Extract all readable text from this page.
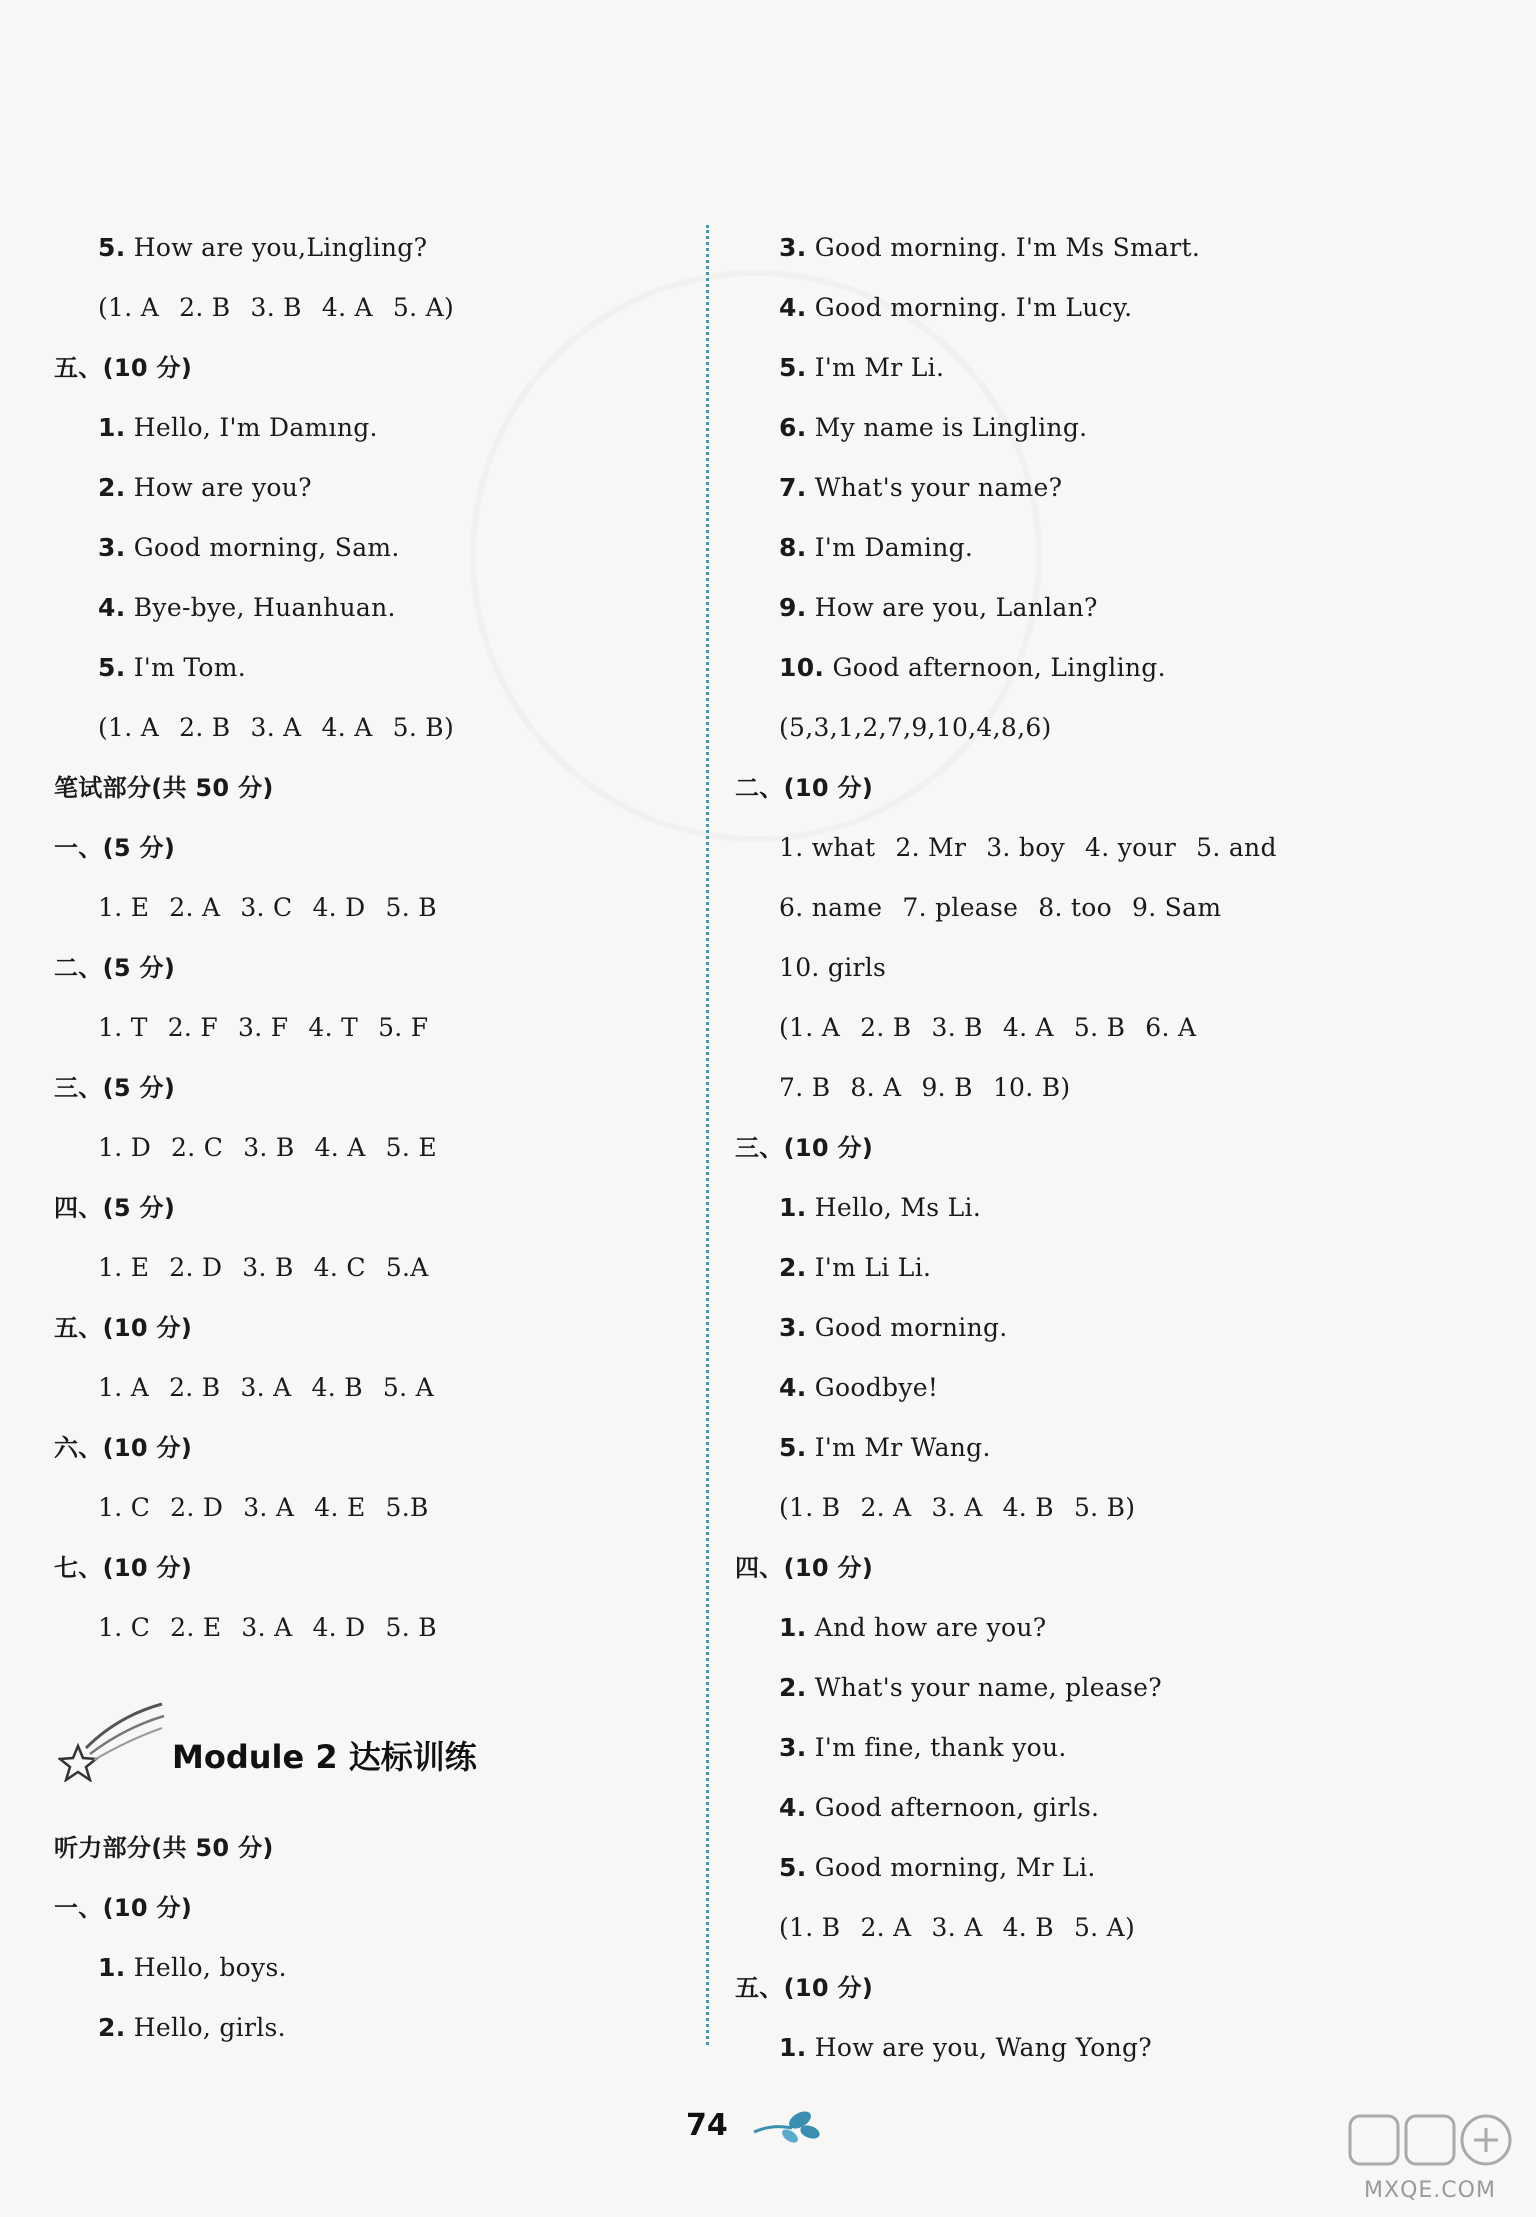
5. How are you,Lingling?
(1. A 2. B 3. B 4. A 5. A)
五、(10 分)
1. Hello, I'm Damıng.
2. How are you?
3. Good morning, Sam.
4. Bye-bye, Huanhuan.
5. I'm Tom.
(1. A 2. B 3. A 4. A 5. B)
笔试部分(共 50 分)
一、(5 分)
1. E 2. A 3. C 4. D 5. B
二、(5 分)
1. T 2. F 3. F 4. T 5. F
三、(5 分)
1. D 2. C 3. B 4. A 5. E
四、(5 分)
1. E 2. D 3. B 4. C 5.A
五、(10 分)
1. A 2. B 3. A 4. B 5. A
六、(10 分)
1. C 2. D 3. A 4. E 5.B
七、(10 分)
1. C 2. E 3. A 4. D 5. B
3. Good morning. I'm Ms Smart.
4. Good morning. I'm Lucy.
5. I'm Mr Li.
6. My name is Lingling.
7. What's your name?
8. I'm Daming.
9. How are you, Lanlan?
10. Good afternoon, Lingling.
(5,3,1,2,7,9,10,4,8,6)
二、(10 分)
1. what 2. Mr 3. boy 4. your 5. and
6. name 7. please 8. too 9. Sam
10. girls
(1. A 2. B 3. B 4. A 5. B 6. A
7. B 8. A 9. B 10. B)
三、(10 分)
1. Hello, Ms Li.
2. I'm Li Li.
3. Good morning.
4. Goodbye!
5. I'm Mr Wang.
(1. B 2. A 3. A 4. B 5. B)
四、(10 分)
1. And how are you?
2. What's your name, please?
3. I'm fine, thank you.
4. Good afternoon, girls.
5. Good morning, Mr Li.
(1. B 2. A 3. A 4. B 5. A)
五、(10 分)
1. How are you, Wang Yong?
Module 2 达标训练
听力部分(共 50 分)
一、(10 分)
1. Hello, boys.
2. Hello, girls.
74
MXQE.COM
